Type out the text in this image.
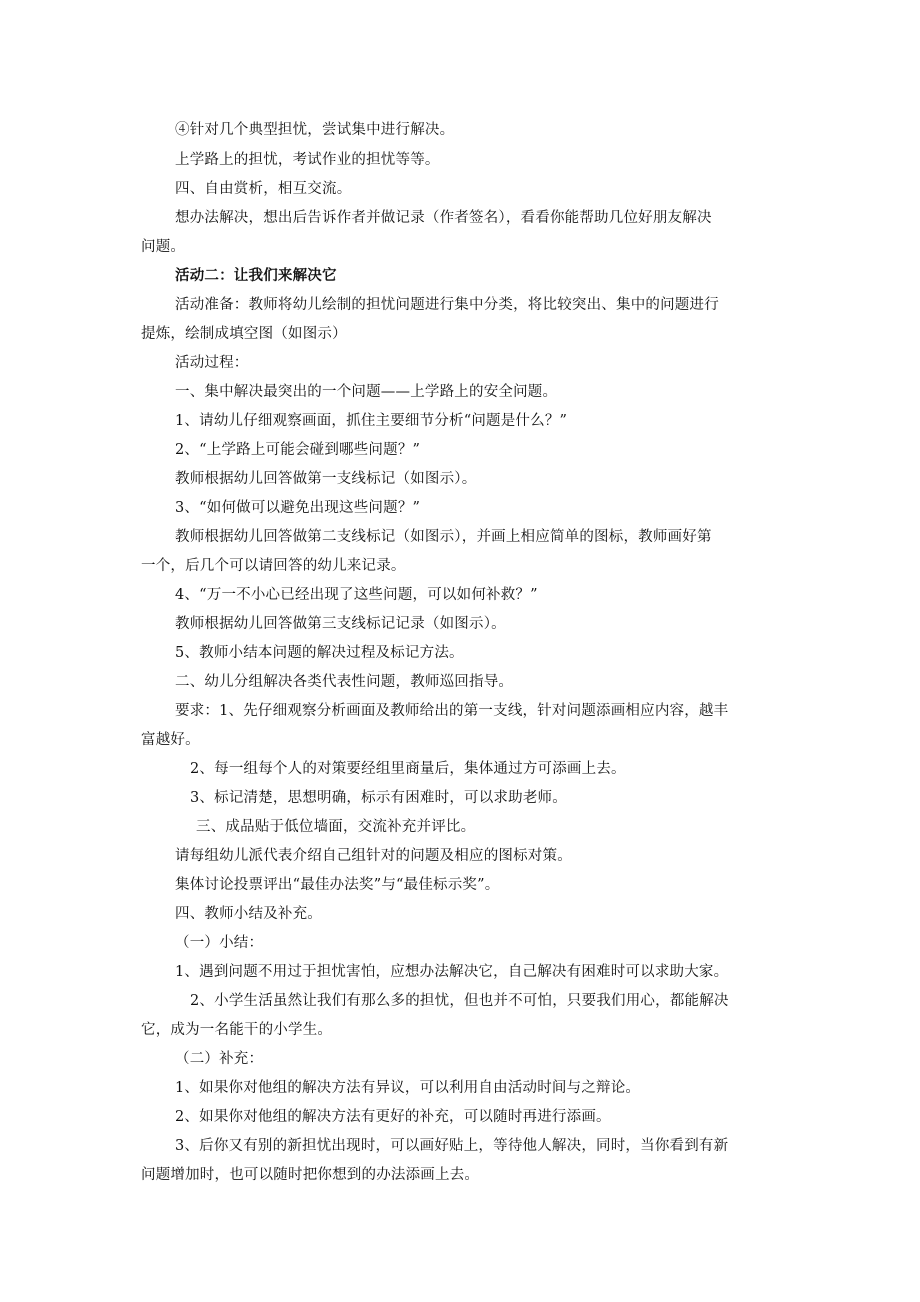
④针对几个典型担忧，尝试集中进行解决。
上学路上的担忧，考试作业的担忧等等。
四、自由赏析，相互交流。
想办法解决，想出后告诉作者并做记录（作者签名），看看你能帮助几位好朋友解决
问题。
活动二：让我们来解决它
活动准备：教师将幼儿绘制的担忧问题进行集中分类，将比较突出、集中的问题进行
提炼，绘制成填空图（如图示）
活动过程：
一、集中解决最突出的一个问题——上学路上的安全问题。
1、请幼儿仔细观察画面，抓住主要细节分析“问题是什么？”
2、“上学路上可能会碰到哪些问题？”
教师根据幼儿回答做第一支线标记（如图示）。
3、“如何做可以避免出现这些问题？”
教师根据幼儿回答做第二支线标记（如图示），并画上相应简单的图标，教师画好第
一个，后几个可以请回答的幼儿来记录。
4、“万一不小心已经出现了这些问题，可以如何补救？”
教师根据幼儿回答做第三支线标记记录（如图示）。
5、教师小结本问题的解决过程及标记方法。
二、幼儿分组解决各类代表性问题，教师巡回指导。
要求：1、先仔细观察分析画面及教师给出的第一支线，针对问题添画相应内容，越丰
富越好。
2、每一组每个人的对策要经组里商量后，集体通过方可添画上去。
3、标记清楚，思想明确，标示有困难时，可以求助老师。
三、成品贴于低位墙面，交流补充并评比。
请每组幼儿派代表介绍自己组针对的问题及相应的图标对策。
集体讨论投票评出“最佳办法奖”与“最佳标示奖”。
四、教师小结及补充。
（一）小结：
1、遇到问题不用过于担忧害怕，应想办法解决它，自己解决有困难时可以求助大家。
2、小学生活虽然让我们有那么多的担忧，但也并不可怕，只要我们用心，都能解决
它，成为一名能干的小学生。
（二）补充：
1、如果你对他组的解决方法有异议，可以利用自由活动时间与之辩论。
2、如果你对他组的解决方法有更好的补充，可以随时再进行添画。
3、后你又有别的新担忧出现时，可以画好贴上，等待他人解决，同时，当你看到有新
问题增加时，也可以随时把你想到的办法添画上去。
